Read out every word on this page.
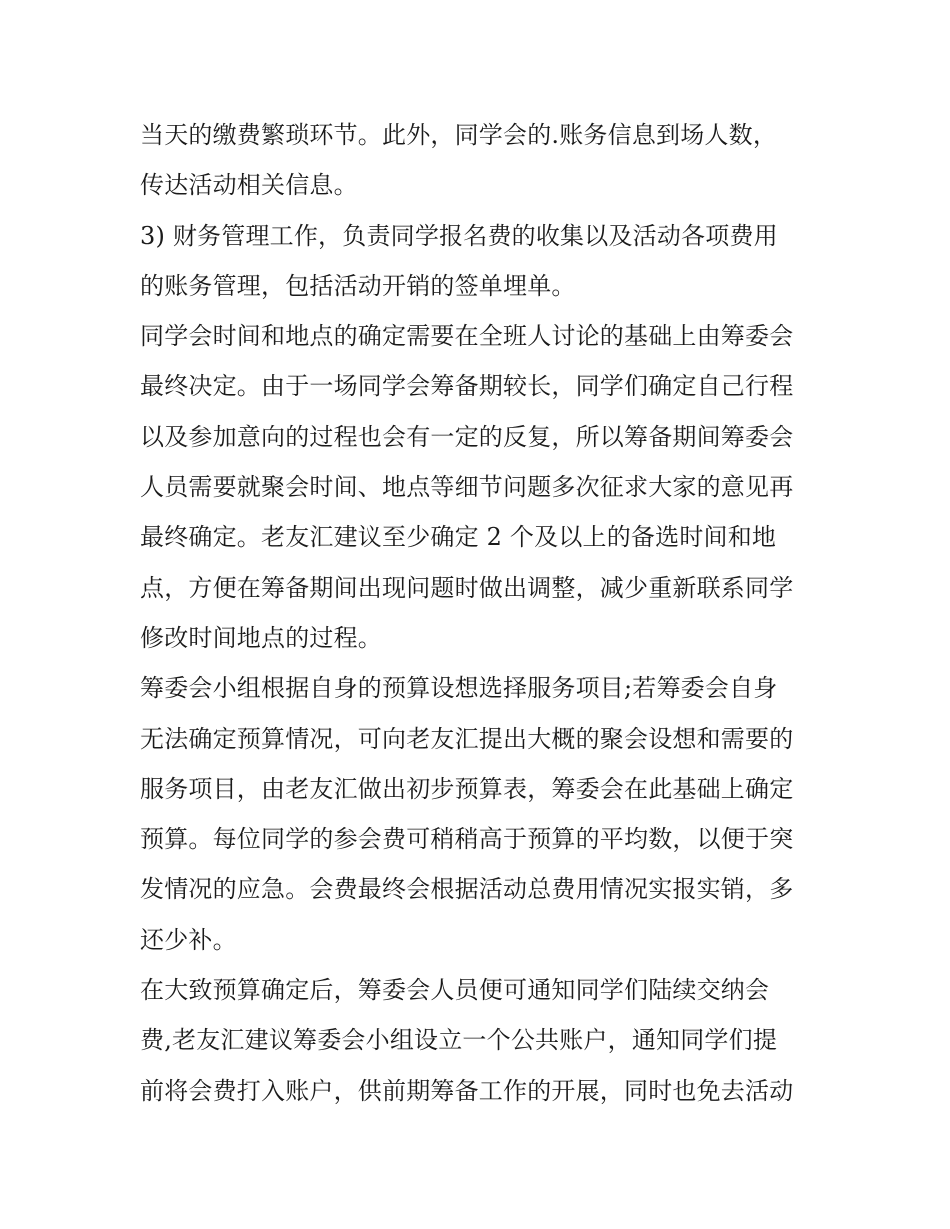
当天的缴费繁琐环节。此外，同学会的.账务信息到场人数，
传达活动相关信息。
3) 财务管理工作，负责同学报名费的收集以及活动各项费用
的账务管理，包括活动开销的签单埋单。
同学会时间和地点的确定需要在全班人讨论的基础上由筹委会
最终决定。由于一场同学会筹备期较长，同学们确定自己行程
以及参加意向的过程也会有一定的反复，所以筹备期间筹委会
人员需要就聚会时间、地点等细节问题多次征求大家的意见再
最终确定。老友汇建议至少确定 2 个及以上的备选时间和地
点，方便在筹备期间出现问题时做出调整，减少重新联系同学
修改时间地点的过程。
筹委会小组根据自身的预算设想选择服务项目;若筹委会自身
无法确定预算情况，可向老友汇提出大概的聚会设想和需要的
服务项目，由老友汇做出初步预算表，筹委会在此基础上确定
预算。每位同学的参会费可稍稍高于预算的平均数，以便于突
发情况的应急。会费最终会根据活动总费用情况实报实销，多
还少补。
在大致预算确定后，筹委会人员便可通知同学们陆续交纳会
费,老友汇建议筹委会小组设立一个公共账户，通知同学们提
前将会费打入账户，供前期筹备工作的开展，同时也免去活动
